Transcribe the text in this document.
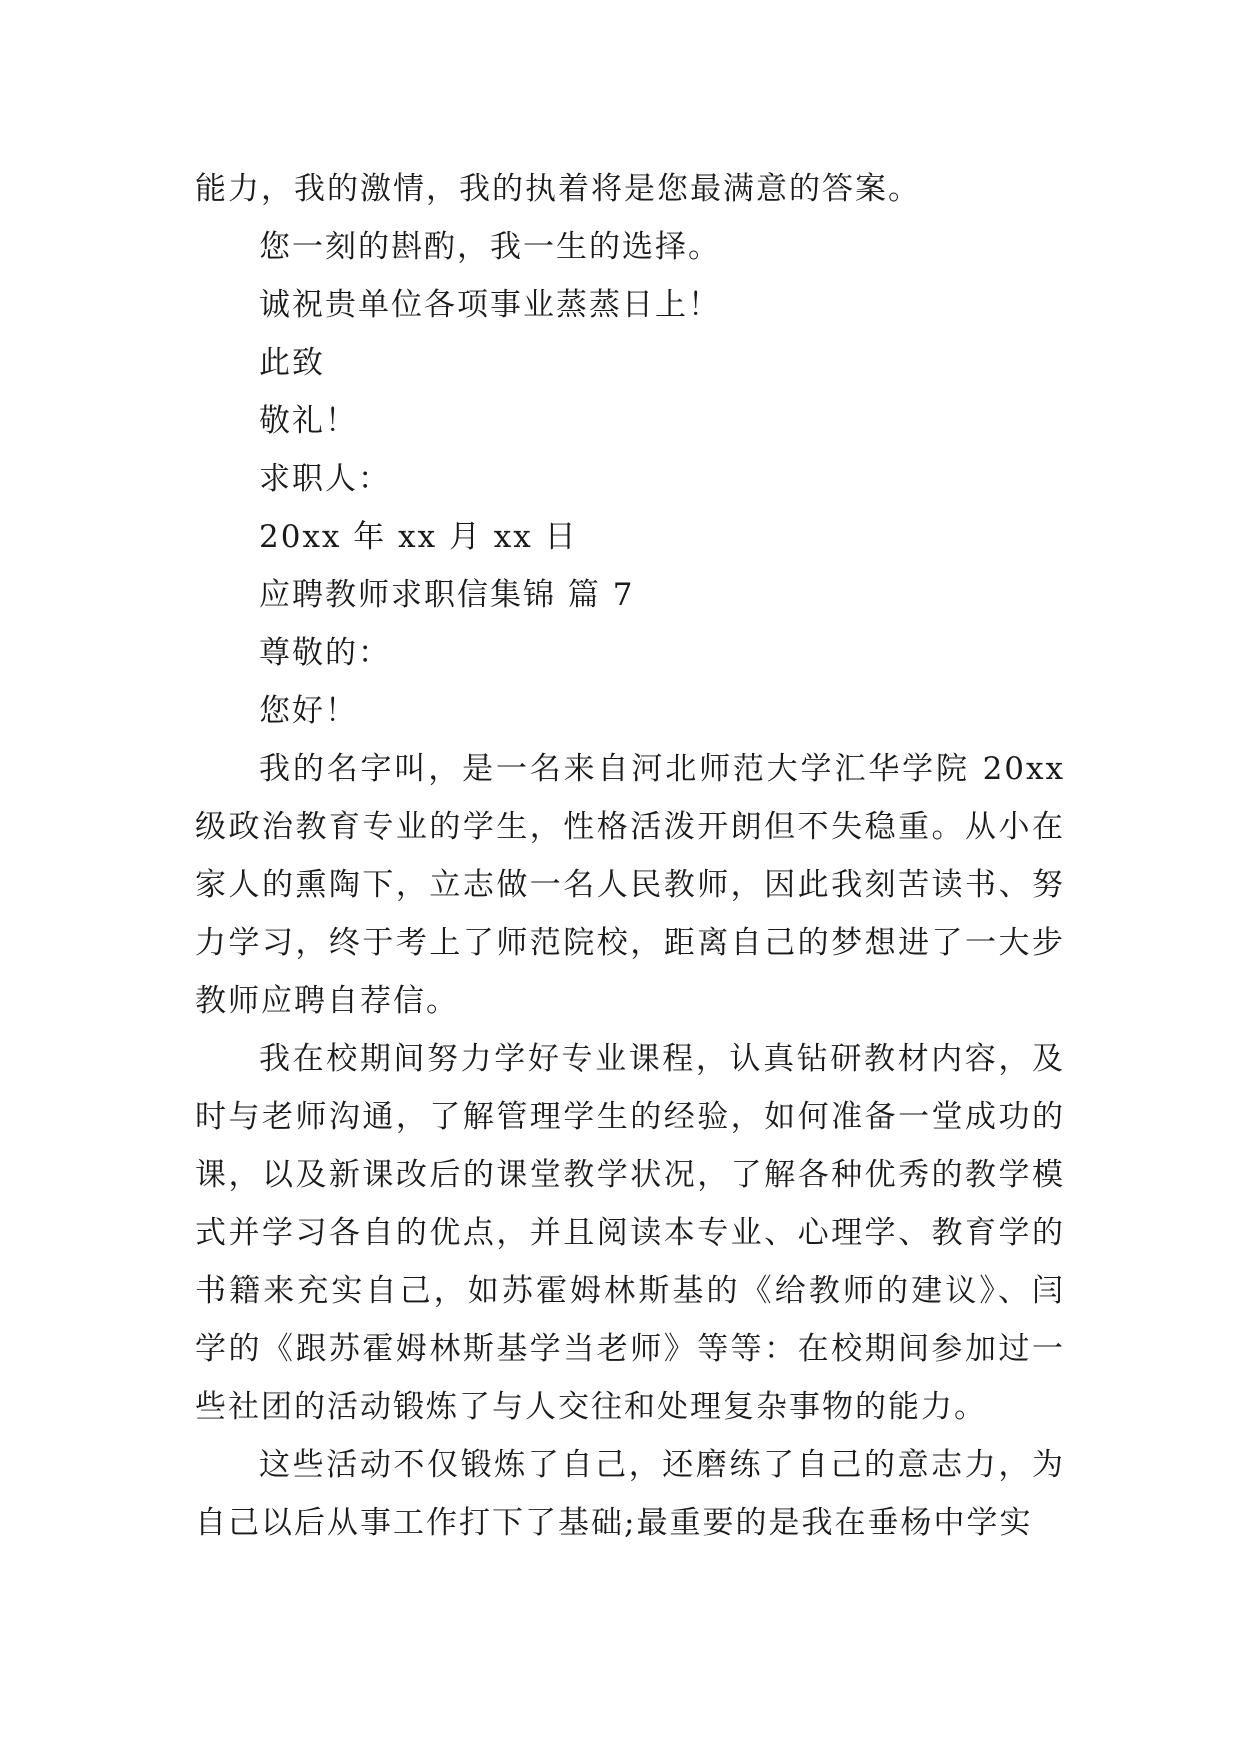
能力，我的激情，我的执着将是您最满意的答案。

您一刻的斟酌，我一生的选择。

诚祝贵单位各项事业蒸蒸日上！

此致

敬礼！

求职人：

20xx 年 xx 月 xx 日

应聘教师求职信集锦 篇 7

尊敬的：

您好！

我的名字叫，是一名来自河北师范大学汇华学院 20xx 级政治教育专业的学生，性格活泼开朗但不失稳重。从小在家人的熏陶下，立志做一名人民教师，因此我刻苦读书、努力学习，终于考上了师范院校，距离自己的梦想进了一大步教师应聘自荐信。

我在校期间努力学好专业课程，认真钻研教材内容，及时与老师沟通，了解管理学生的经验，如何准备一堂成功的课，以及新课改后的课堂教学状况，了解各种优秀的教学模式并学习各自的优点，并且阅读本专业、心理学、教育学的书籍来充实自己，如苏霍姆林斯基的《给教师的建议》、闫学的《跟苏霍姆林斯基学当老师》等等：在校期间参加过一些社团的活动锻炼了与人交往和处理复杂事物的能力。

这些活动不仅锻炼了自己，还磨练了自己的意志力，为自己以后从事工作打下了基础;最重要的是我在垂杨中学实
